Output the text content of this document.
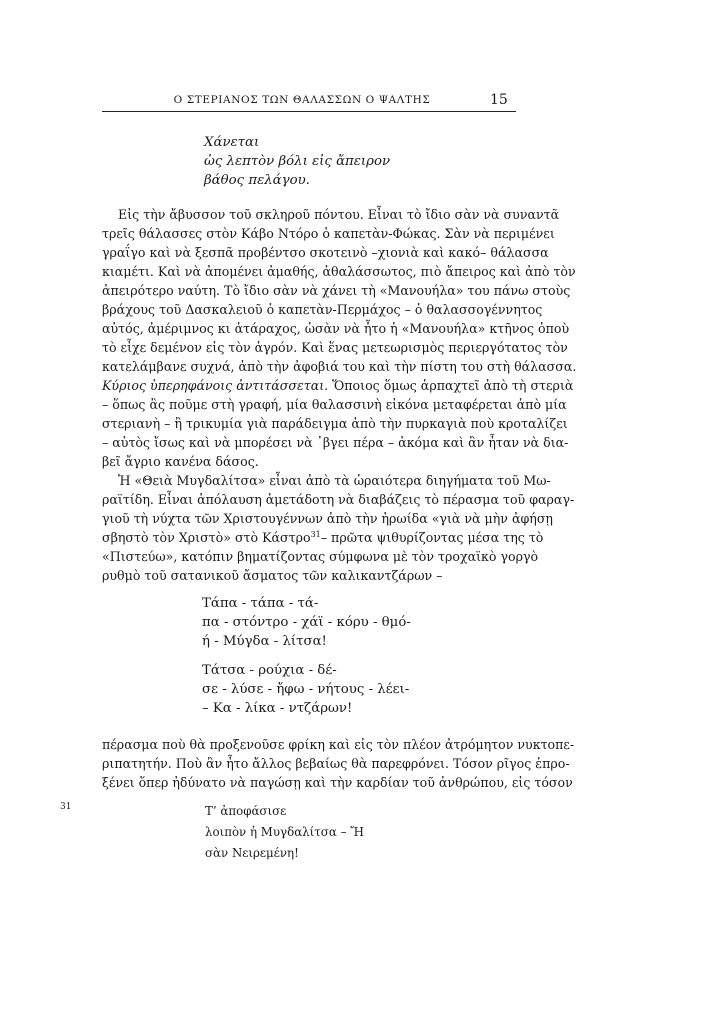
Ο ΣΤΕΡΙΑΝΟΣ ΤΩΝ ΘΑΛΑΣΣΩΝ Ο ΨΑΛΤΗΣ	15
Χάνεται
ὡς λεπτὸν βόλι εἰς ἄπειρον
βάθος πελάγου.
Εἰς τὴν ἄβυσσον τοῦ σκληροῦ πόντου. Εἶναι τὸ ἴδιο σὰν νὰ συναντᾶ
τρεῖς θάλασσες στὸν Κάβο Ντόρο ὁ καπετὰν-Φώκας. Σὰν νὰ περιμένει
γραΐγο καὶ νὰ ξεσπᾶ προβέντσο σκοτεινὸ –χιονιὰ καὶ κακό– θάλασσα
κιαμέτι. Καὶ νὰ ἀπομένει ἀμαθής, ἀθαλάσσωτος, πιὸ ἄπειρος καὶ ἀπὸ τὸν
ἀπειρότερο ναύτη. Τὸ ἴδιο σὰν νὰ χάνει τὴ «Μανουήλα» του πάνω στοὺς
βράχους τοῦ Δασκαλειοῦ ὁ καπετὰν-Περμάχος – ὁ θαλασσογέννητος
αὐτός, ἀμέριμνος κι ἀτάραχος, ὡσὰν νὰ ἦτο ἡ «Μανουήλα» κτῆνος ὁποὺ
τὸ εἶχε δεμένον εἰς τὸν ἀγρόν. Καὶ ἕνας μετεωρισμὸς περιεργότατος τὸν
κατελάμβανε συχνά, ἀπὸ τὴν ἀφοβιά του καὶ τὴν πίστη του στὴ θάλασσα.
Κύριος ὑπερηφάνοις ἀντιτάσσεται. Ὅποιος ὅμως ἁρπαχτεῖ ἀπὸ τὴ στεριὰ
– ὅπως ἂς ποῦμε στὴ γραφή, μία θαλασσινὴ εἰκόνα μεταφέρεται ἀπὸ μία
στεριανὴ – ἢ τρικυμία γιὰ παράδειγμα ἀπὸ τὴν πυρκαγιὰ ποὺ κροταλίζει
– αὐτὸς ἴσως καὶ νὰ μπορέσει νὰ ᾽βγει πέρα – ἀκόμα καὶ ἂν ἦταν νὰ δια-
βεῖ ἄγριο κανένα δάσος.
Ἡ «Θειὰ Μυγδαλίτσα» εἶναι ἀπὸ τὰ ὡραιότερα διηγήματα τοῦ Μω-
ραϊτίδη. Εἶναι ἀπόλαυση ἀμετάδοτη νὰ διαβάζεις τὸ πέρασμα τοῦ φαραγ-
γιοῦ τὴ νύχτα τῶν Χριστουγέννων ἀπὸ τὴν ἡρωίδα «γιὰ νὰ μὴν ἀφήσῃ
σβηστὸ τὸν Χριστὸ» στὸ Κάστρο$^{31}$– πρῶτα ψιθυρίζοντας μέσα της τὸ
«Πιστεύω», κατόπιν βηματίζοντας σύμφωνα μὲ τὸν τροχαϊκὸ γοργὸ
ρυθμὸ τοῦ σατανικοῦ ἄσματος τῶν καλικαντζάρων –
Τάπα - τάπα - τά-
πα - στόντρο - χάϊ - κόρυ - θμό-
ή - Μύγδα - λίτσα!
Τάτσα - ρούχια - δέ-
σε - λύσε - ἤφω - νήτους - λέει-
– Κα - λίκα - ντζάρων!
πέρασμα ποὺ θὰ προξενοῦσε φρίκη καὶ εἰς τὸν πλέον ἀτρόμητον νυκτοπε-
ριπατητήν. Ποὺ ἂν ἦτο ἄλλος βεβαίως θὰ παρεφρόνει. Τόσον ρῖγος ἐπρο-
ξένει ὅπερ ἠδύνατο νὰ παγώσῃ καὶ τὴν καρδίαν τοῦ ἀνθρώπου, εἰς τόσον
31	Τ’ ἀποφάσισε
λοιπὸν ἡ Μυγδαλίτσα – Ἤ
σὰν Νειρεμένη!
